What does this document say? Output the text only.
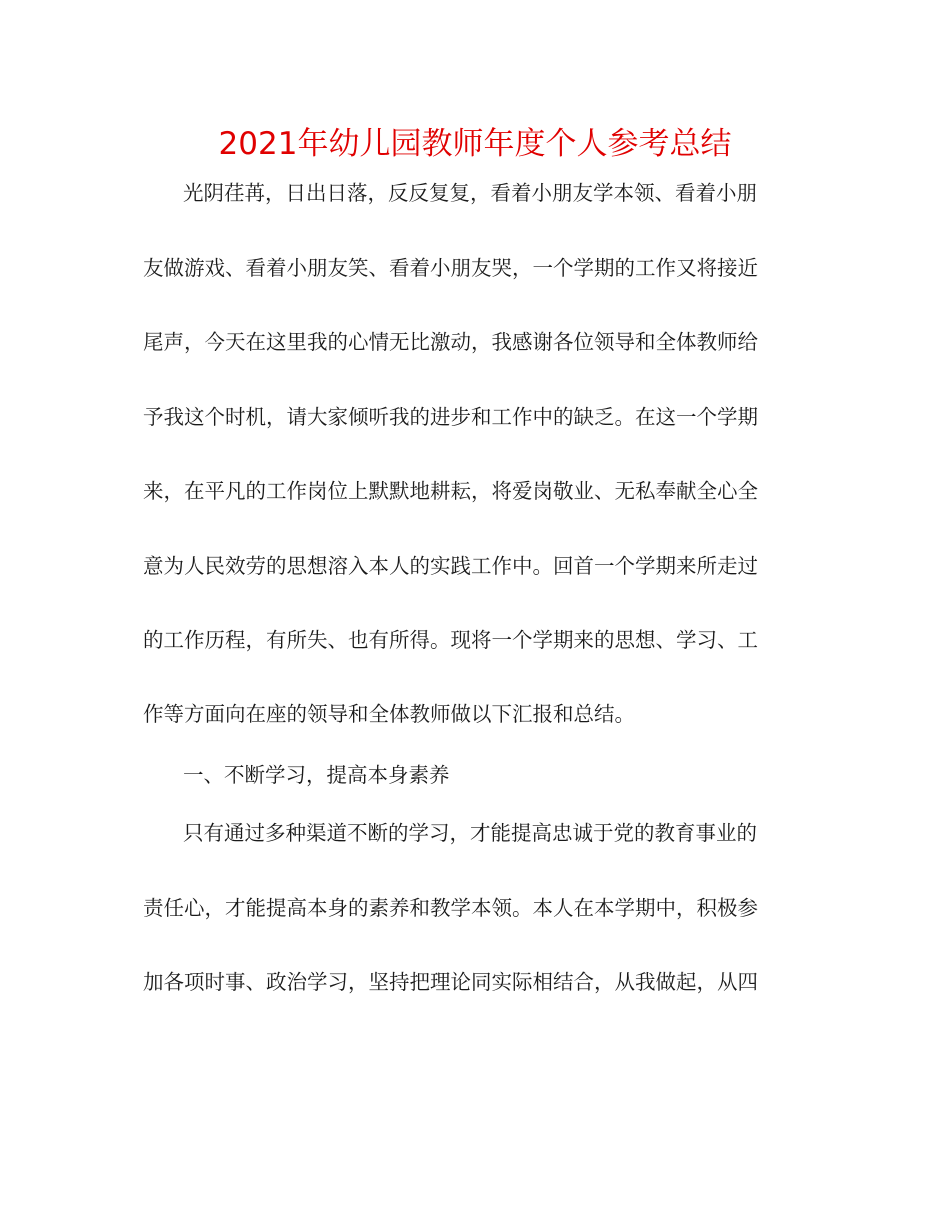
2021年幼儿园教师年度个人参考总结

光阴荏苒，日出日落，反反复复，看着小朋友学本领、看着小朋

友做游戏、看着小朋友笑、看着小朋友哭，一个学期的工作又将接近

尾声，今天在这里我的心情无比激动，我感谢各位领导和全体教师给

予我这个时机，请大家倾听我的进步和工作中的缺乏。在这一个学期

来，在平凡的工作岗位上默默地耕耘，将爱岗敬业、无私奉献全心全

意为人民效劳的思想溶入本人的实践工作中。回首一个学期来所走过

的工作历程，有所失、也有所得。现将一个学期来的思想、学习、工

作等方面向在座的领导和全体教师做以下汇报和总结。

一、不断学习，提高本身素养

只有通过多种渠道不断的学习，才能提高忠诚于党的教育事业的

责任心，才能提高本身的素养和教学本领。本人在本学期中，积极参

加各项时事、政治学习，坚持把理论同实际相结合，从我做起，从四
